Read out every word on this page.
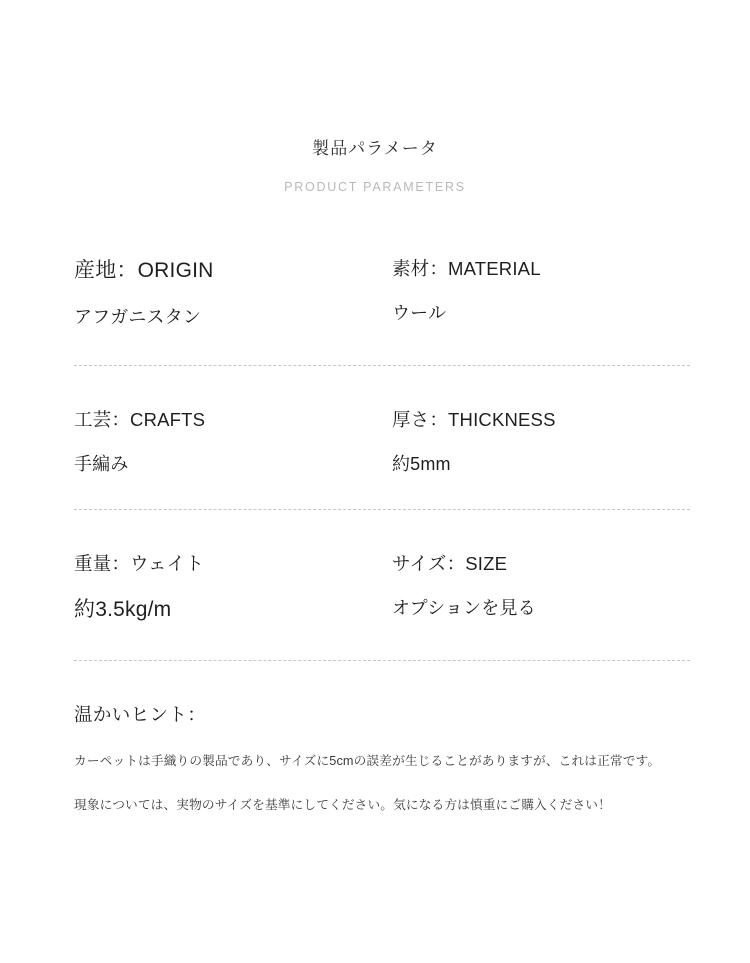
製品パラメータ
PRODUCT PARAMETERS
産地：ORIGIN
アフガニスタン
素材：MATERIAL
ウール
工芸：CRAFTS
手編み
厚さ：THICKNESS
約5mm
重量：ウェイト
約3.5kg/m
サイズ：SIZE
オプションを見る
温かいヒント：
カーペットは手織りの製品であり、サイズに5cmの誤差が生じることがありますが、これは正常です。
現象については、実物のサイズを基準にしてください。気になる方は慎重にご購入ください！
